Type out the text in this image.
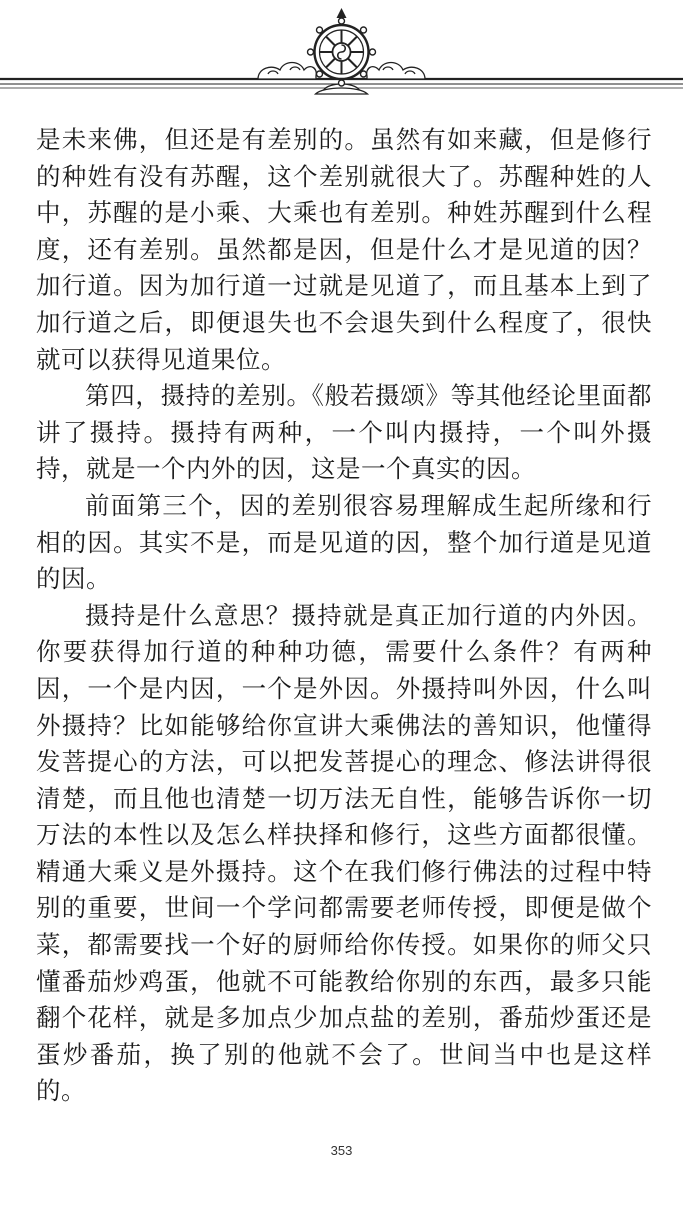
是未来佛，但还是有差别的。虽然有如来藏，但是修行的种姓有没有苏醒，这个差别就很大了。苏醒种姓的人中，苏醒的是小乘、大乘也有差别。种姓苏醒到什么程度，还有差别。虽然都是因，但是什么才是见道的因？加行道。因为加行道一过就是见道了，而且基本上到了加行道之后，即便退失也不会退失到什么程度了，很快就可以获得见道果位。

第四，摄持的差别。《般若摄颂》等其他经论里面都讲了摄持。摄持有两种，一个叫内摄持，一个叫外摄持，就是一个内外的因，这是一个真实的因。

前面第三个，因的差别很容易理解成生起所缘和行相的因。其实不是，而是见道的因，整个加行道是见道的因。

摄持是什么意思？摄持就是真正加行道的内外因。你要获得加行道的种种功德，需要什么条件？有两种因，一个是内因，一个是外因。外摄持叫外因，什么叫外摄持？比如能够给你宣讲大乘佛法的善知识，他懂得发菩提心的方法，可以把发菩提心的理念、修法讲得很清楚，而且他也清楚一切万法无自性，能够告诉你一切万法的本性以及怎么样抉择和修行，这些方面都很懂。精通大乘义是外摄持。这个在我们修行佛法的过程中特别的重要，世间一个学问都需要老师传授，即便是做个菜，都需要找一个好的厨师给你传授。如果你的师父只懂番茄炒鸡蛋，他就不可能教给你别的东西，最多只能翻个花样，就是多加点少加点盐的差别，番茄炒蛋还是蛋炒番茄，换了别的他就不会了。世间当中也是这样的。

353
